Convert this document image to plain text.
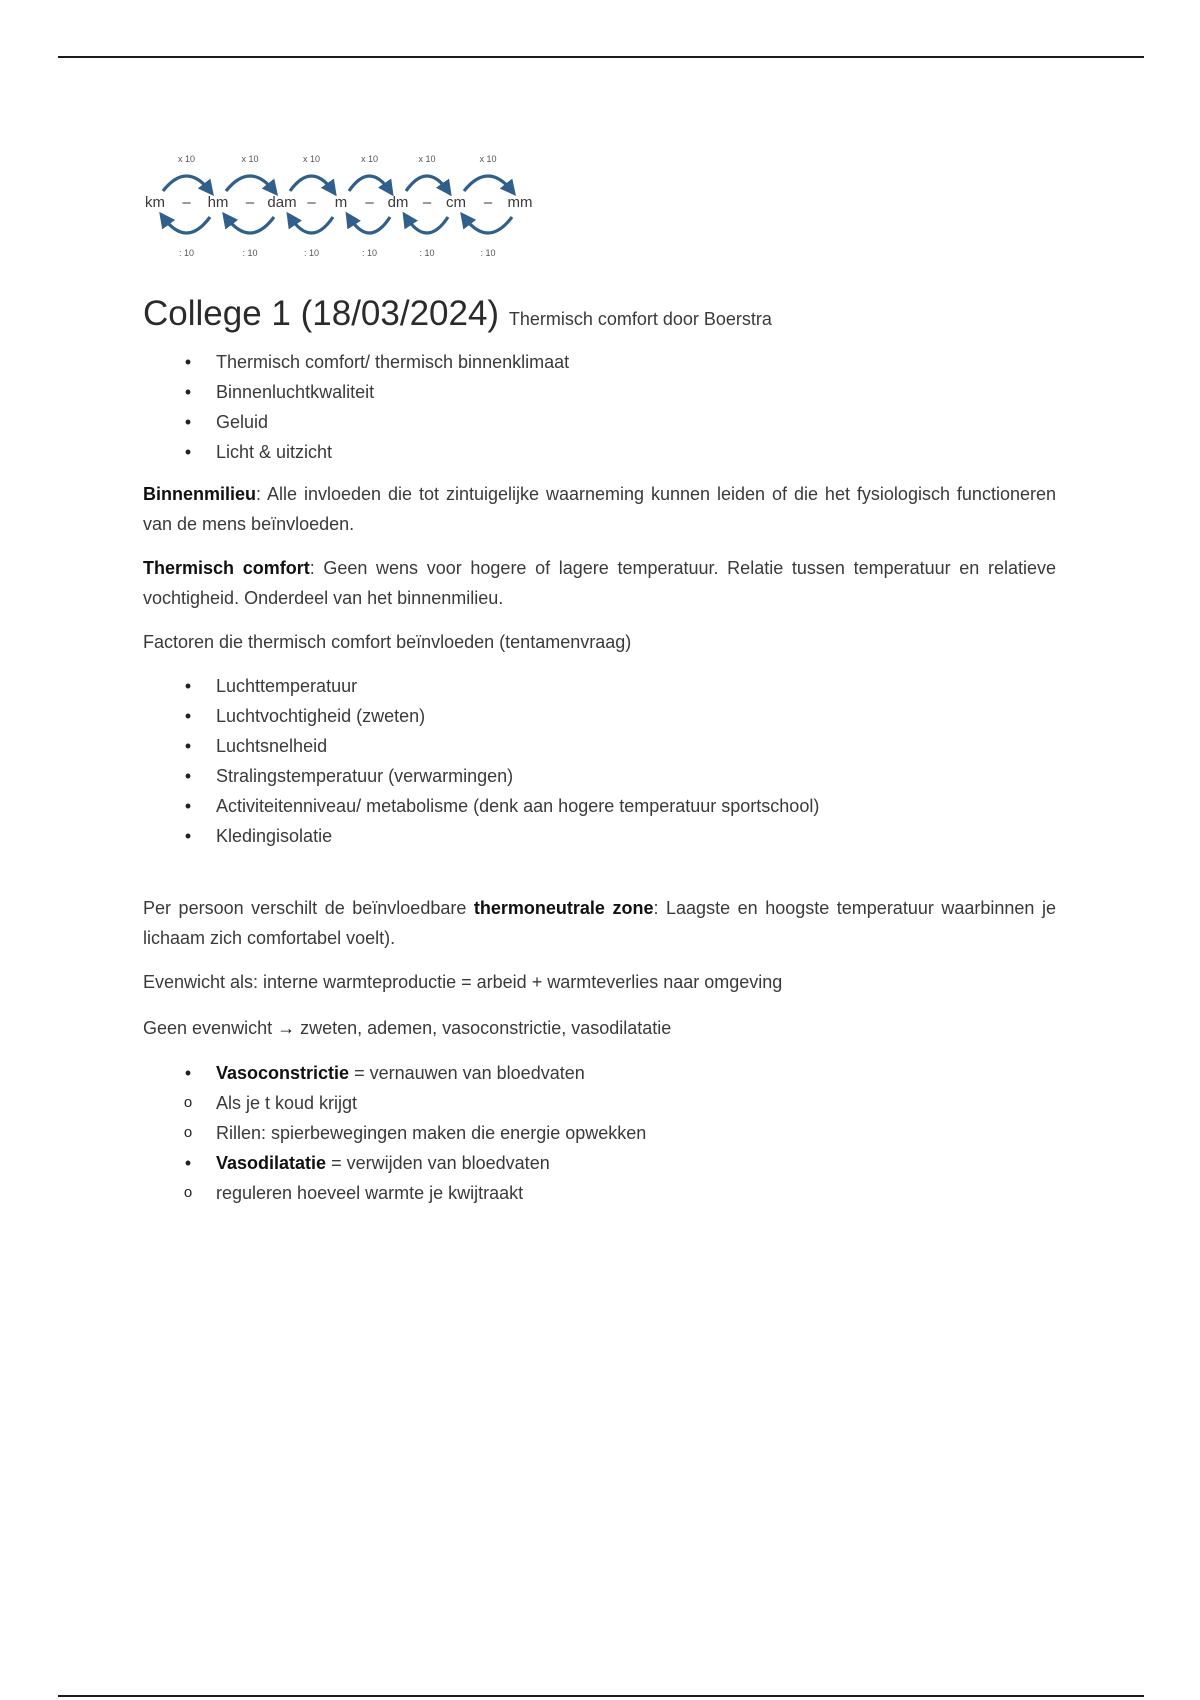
km –
x 10
: 10
hm –
x 10
: 10
dam –
x 10
: 10
m –
x 10
: 10
dm –
x 10
: 10
cm –
x 10
: 10
mm
College 1 (18/03/2024) Thermisch comfort door Boerstra
• Thermisch comfort/ thermisch binnenklimaat
• Binnenluchtkwaliteit
• Geluid
• Licht & uitzicht

Binnenmilieu: Alle invloeden die tot zintuigelijke waarneming kunnen leiden of die het fysiologisch functioneren van de mens beïnvloeden.

Thermisch comfort: Geen wens voor hogere of lagere temperatuur. Relatie tussen temperatuur en relatieve vochtigheid. Onderdeel van het binnenmilieu.

Factoren die thermisch comfort beïnvloeden (tentamenvraag)

• Luchttemperatuur
• Luchtvochtigheid (zweten)
• Luchtsnelheid
• Stralingstemperatuur (verwarmingen)
• Activiteitenniveau/ metabolisme (denk aan hogere temperatuur sportschool)
• Kledingisolatie

Per persoon verschilt de beïnvloedbare thermoneutrale zone: Laagste en hoogste temperatuur waarbinnen je lichaam zich comfortabel voelt).

Evenwicht als: interne warmteproductie = arbeid + warmteverlies naar omgeving

Geen evenwicht → zweten, ademen, vasoconstrictie, vasodilatatie

• Vasoconstrictie = vernauwen van bloedvaten
o Als je t koud krijgt
o Rillen: spierbewegingen maken die energie opwekken
• Vasodilatatie = verwijden van bloedvaten
o reguleren hoeveel warmte je kwijtraakt
